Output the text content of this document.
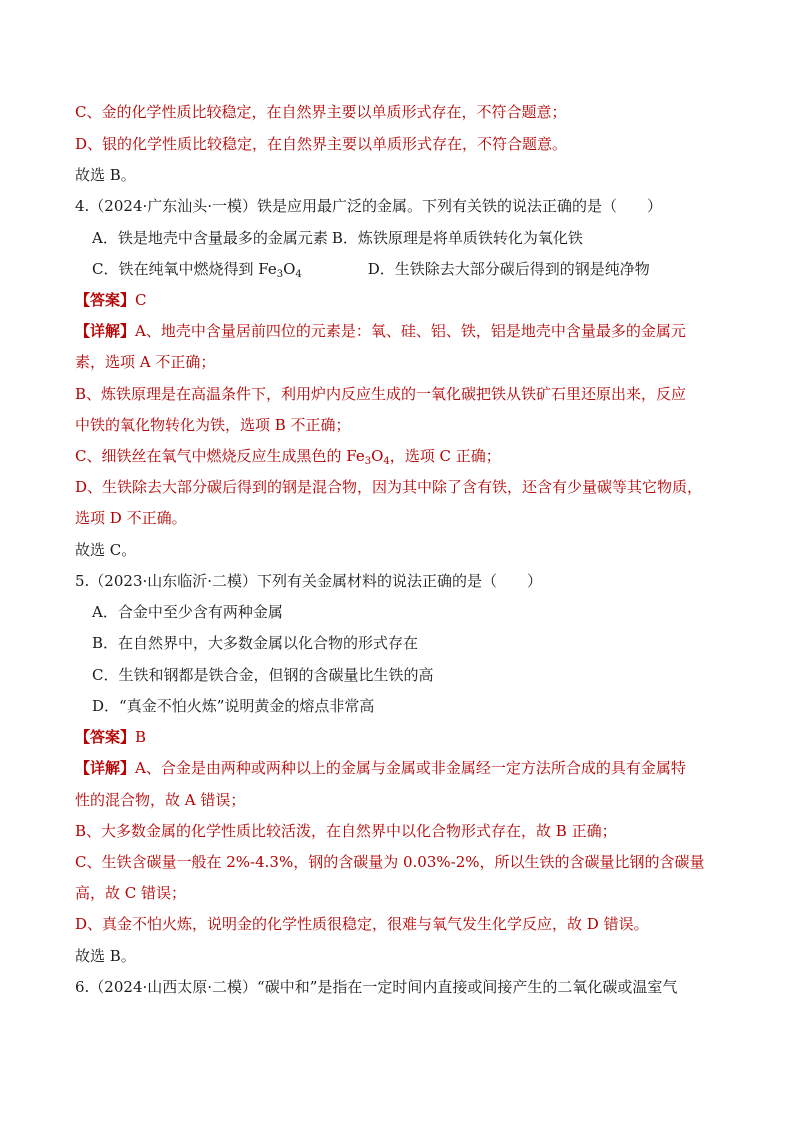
C、金的化学性质比较稳定，在自然界主要以单质形式存在，不符合题意；
D、银的化学性质比较稳定，在自然界主要以单质形式存在，不符合题意。
故选 B。
4.（2024·广东汕头·一模）铁是应用最广泛的金属。下列有关铁的说法正确的是（　　）
A．铁是地壳中含量最多的金属元素 B．炼铁原理是将单质铁转化为氧化铁
C．铁在纯氧中燃烧得到 $Fe_3O_4$	D．生铁除去大部分碳后得到的钢是纯净物
【答案】C
【详解】A、地壳中含量居前四位的元素是：氧、硅、铝、铁，铝是地壳中含量最多的金属元
素，选项 A 不正确；
B、炼铁原理是在高温条件下，利用炉内反应生成的一氧化碳把铁从铁矿石里还原出来，反应
中铁的氧化物转化为铁，选项 B 不正确；
C、细铁丝在氧气中燃烧反应生成黑色的 $Fe_3O_4$，选项 C 正确；
D、生铁除去大部分碳后得到的钢是混合物，因为其中除了含有铁，还含有少量碳等其它物质，
选项 D 不正确。
故选 C。
5.（2023·山东临沂·二模）下列有关金属材料的说法正确的是（　　）
A．合金中至少含有两种金属
B．在自然界中，大多数金属以化合物的形式存在
C．生铁和钢都是铁合金，但钢的含碳量比生铁的高
D．“真金不怕火炼”说明黄金的熔点非常高
【答案】B
【详解】A、合金是由两种或两种以上的金属与金属或非金属经一定方法所合成的具有金属特
性的混合物，故 A 错误；
B、大多数金属的化学性质比较活泼，在自然界中以化合物形式存在，故 B 正确；
C、生铁含碳量一般在 2%-4.3%，钢的含碳量为 0.03%-2%，所以生铁的含碳量比钢的含碳量
高，故 C 错误；
D、真金不怕火炼，说明金的化学性质很稳定，很难与氧气发生化学反应，故 D 错误。
故选 B。
6.（2024·山西太原·二模）“碳中和”是指在一定时间内直接或间接产生的二氧化碳或温室气
